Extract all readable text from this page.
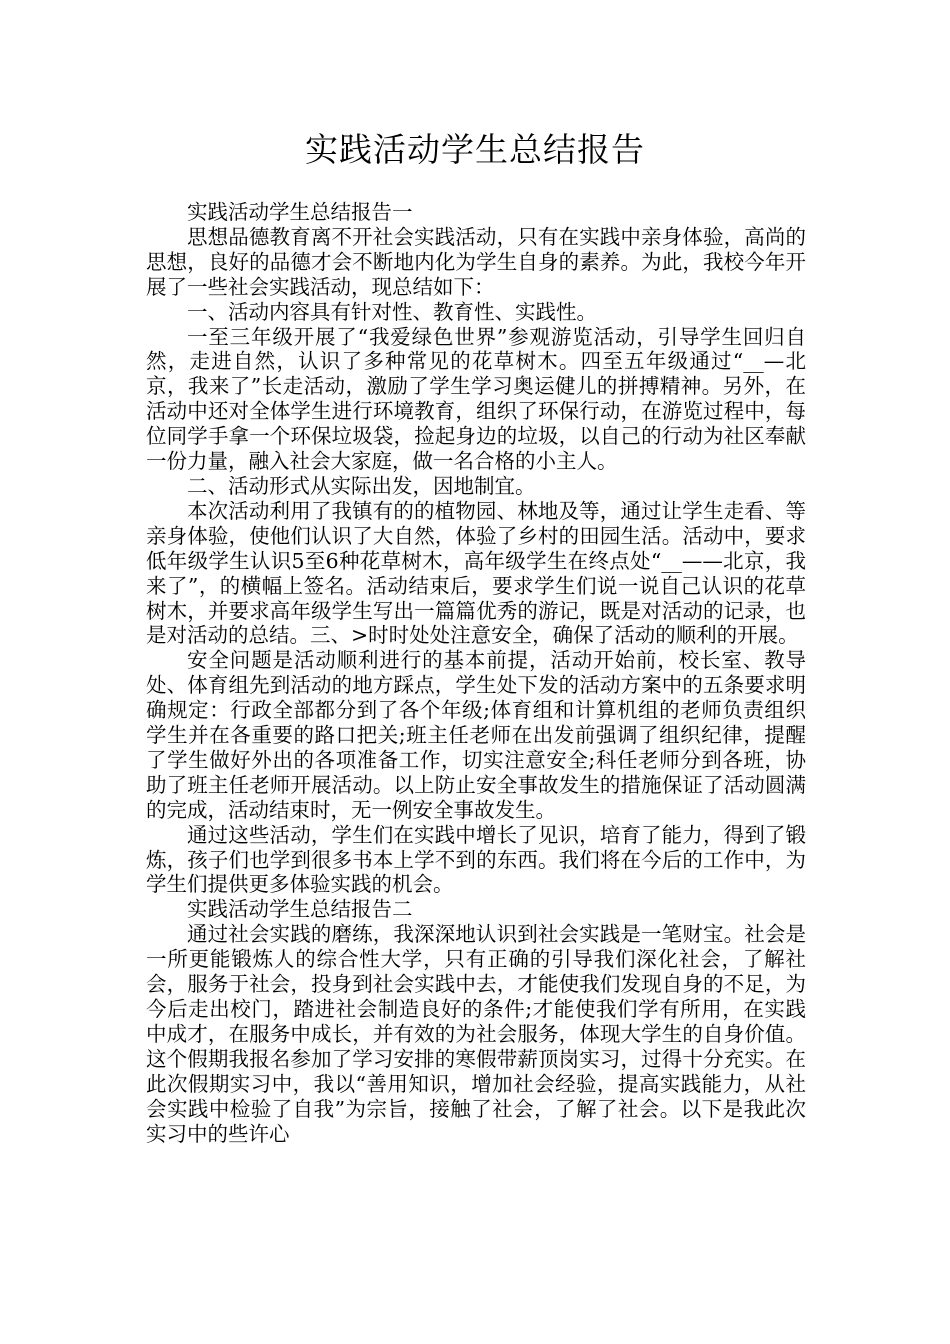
实践活动学生总结报告

实践活动学生总结报告一

思想品德教育离不开社会实践活动，只有在实践中亲身体验，高尚的思想，良好的品德才会不断地内化为学生自身的素养。为此，我校今年开展了一些社会实践活动，现总结如下：

一、活动内容具有针对性、教育性、实践性。

一至三年级开展了“我爱绿色世界”参观游览活动，引导学生回归自然，走进自然，认识了多种常见的花草树木。四至五年级通过“__—北京，我来了”长走活动，激励了学生学习奥运健儿的拼搏精神。另外，在活动中还对全体学生进行环境教育，组织了环保行动，在游览过程中，每位同学手拿一个环保垃圾袋，捡起身边的垃圾，以自己的行动为社区奉献一份力量，融入社会大家庭，做一名合格的小主人。

二、活动形式从实际出发，因地制宜。

本次活动利用了我镇有的的植物园、林地及等，通过让学生走看、等亲身体验，使他们认识了大自然，体验了乡村的田园生活。活动中，要求低年级学生认识5至6种花草树木，高年级学生在终点处“__——北京，我来了”，的横幅上签名。活动结束后，要求学生们说一说自己认识的花草树木，并要求高年级学生写出一篇篇优秀的游记，既是对活动的记录，也是对活动的总结。三、>时时处处注意安全，确保了活动的顺利的开展。

安全问题是活动顺利进行的基本前提，活动开始前，校长室、教导处、体育组先到活动的地方踩点，学生处下发的活动方案中的五条要求明确规定：行政全部都分到了各个年级;体育组和计算机组的老师负责组织学生并在各重要的路口把关;班主任老师在出发前强调了组织纪律，提醒了学生做好外出的各项准备工作，切实注意安全;科任老师分到各班，协助了班主任老师开展活动。以上防止安全事故发生的措施保证了活动圆满的完成，活动结束时，无一例安全事故发生。

通过这些活动，学生们在实践中增长了见识，培育了能力，得到了锻炼，孩子们也学到很多书本上学不到的东西。我们将在今后的工作中，为学生们提供更多体验实践的机会。

实践活动学生总结报告二

通过社会实践的磨练，我深深地认识到社会实践是一笔财宝。社会是一所更能锻炼人的综合性大学，只有正确的引导我们深化社会，了解社会，服务于社会，投身到社会实践中去，才能使我们发现自身的不足，为今后走出校门，踏进社会制造良好的条件;才能使我们学有所用，在实践中成才，在服务中成长，并有效的为社会服务，体现大学生的自身价值。这个假期我报名参加了学习安排的寒假带薪顶岗实习，过得十分充实。在此次假期实习中，我以“善用知识，增加社会经验，提高实践能力，从社会实践中检验了自我”为宗旨，接触了社会，了解了社会。以下是我此次实习中的些许心
